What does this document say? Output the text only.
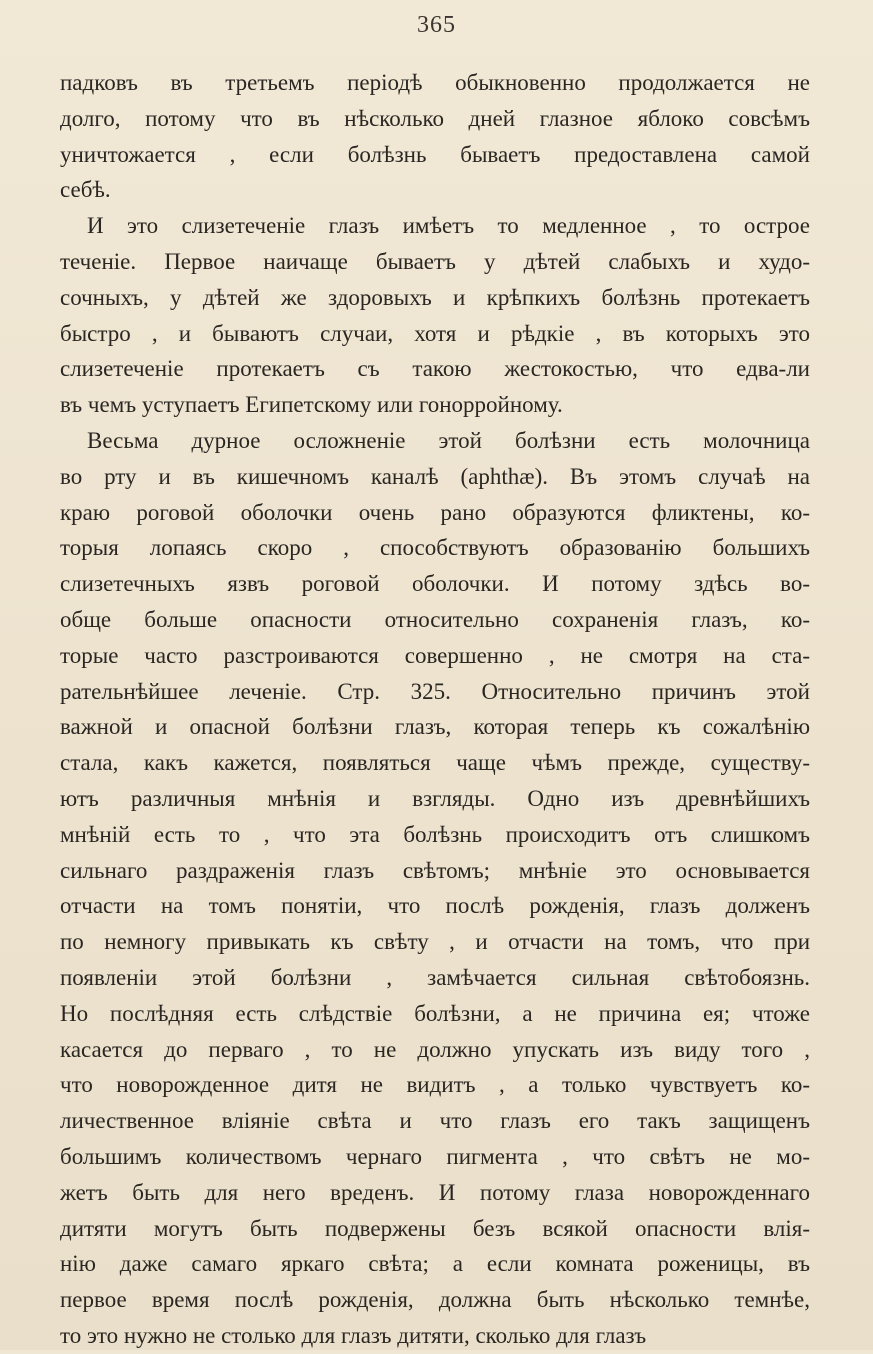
365
падковъ въ третьемъ періодѣ обыкновенно продолжается не
долго, потому что въ нѣсколько дней глазное яблоко совсѣмъ
уничтожается , если болѣзнь бываетъ предоставлена самой
себѣ.
И это слизетеченіе глазъ имѣетъ то медленное , то острое
теченіе. Первое наичаще бываетъ у дѣтей слабыхъ и худо-
сочныхъ, у дѣтей же здоровыхъ и крѣпкихъ болѣзнь протекаетъ
быстро , и бываютъ случаи, хотя и рѣдкіе , въ которыхъ это
слизетеченіе протекаетъ съ такою жестокостью, что едва-ли
въ чемъ уступаетъ Египетскому или гонорройному.
Весьма дурное осложненіе этой болѣзни есть молочница
во рту и въ кишечномъ каналѣ (aphthæ). Въ этомъ случаѣ на
краю роговой оболочки очень рано образуются фликтены, ко-
торыя лопаясь скоро , способствуютъ образованію большихъ
слизетечныхъ язвъ роговой оболочки. И потому здѣсь во-
обще больше опасности относительно сохраненія глазъ, ко-
торые часто разстроиваются совершенно , не смотря на ста-
рательнѣйшее леченіе. Стр. 325. Относительно причинъ этой
важной и опасной болѣзни глазъ, которая теперь къ сожалѣнію
стала, какъ кажется, появляться чаще чѣмъ прежде, существу-
ютъ различныя мнѣнія и взгляды. Одно изъ древнѣйшихъ
мнѣній есть то , что эта болѣзнь происходитъ отъ слишкомъ
сильнаго раздраженія глазъ свѣтомъ; мнѣніе это основывается
отчасти на томъ понятіи, что послѣ рожденія, глазъ долженъ
по немногу привыкать къ свѣту , и отчасти на томъ, что при
появленіи этой болѣзни , замѣчается сильная свѣтобоязнь.
Но послѣдняя есть слѣдствіе болѣзни, а не причина ея; чтоже
касается до перваго , то не должно упускать изъ виду того ,
что новорожденное дитя не видитъ , а только чувствуетъ ко-
личественное вліяніе свѣта и что глазъ его такъ защищенъ
большимъ количествомъ чернаго пигмента , что свѣтъ не мо-
жетъ быть для него вреденъ. И потому глаза новорожденнаго
дитяти могутъ быть подвержены безъ всякой опасности влія-
нію даже самаго яркаго свѣта; а если комната роженицы, въ
первое время послѣ рожденія, должна быть нѣсколько темнѣе,
то это нужно не столько для глазъ дитяти, сколько для глазъ
